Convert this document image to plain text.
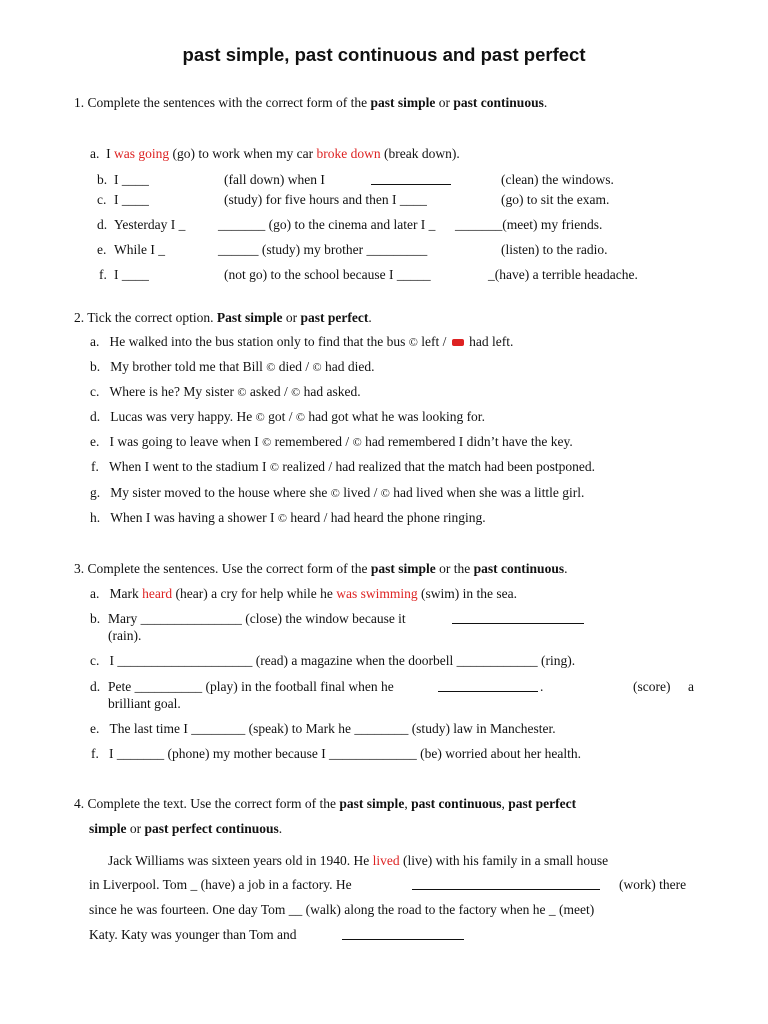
past simple, past continuous and past perfect
1. Complete the sentences with the correct form of the past simple or past continuous.
a. I was going (go) to work when my car broke down (break down).
b. I ____	(fall down) when I	(clean) the windows.
c. I ____	(study) for five hours and then I ____	(go) to sit the exam.
d. Yesterday I _ _______ (go) to the cinema and later I _ _______(meet) my friends.
e. While I _	______ (study) my brother _________	(listen) to the radio.
f. I ____	(not go) to the school because I _____	_(have) a terrible headache.
2. Tick the correct option. Past simple or past perfect.
a. He walked into the bus station only to find that the bus © left /  had left.
b. My brother told me that Bill © died / © had died.
c. Where is he? My sister © asked / © had asked.
d. Lucas was very happy. He © got / © had got what he was looking for.
e. I was going to leave when I © remembered / © had remembered I didn’t have the key.
f. When I went to the stadium I © realized / had realized that the match had been postponed.
g. My sister moved to the house where she © lived / © had lived when she was a little girl.
h. When I was having a shower I © heard / had heard the phone ringing.
3. Complete the sentences. Use the correct form of the past simple or the past continuous.
a. Mark heard (hear) a cry for help while he was swimming (swim) in the sea.
b. Mary _______________ (close) the window because it
(rain).
c. I ____________________ (read) a magazine when the doorbell ____________ (ring).
d. Pete __________ (play) in the football final when he	.	(score) a
brilliant goal.
e. The last time I ________ (speak) to Mark he ________ (study) law in Manchester.
f. I _______ (phone) my mother because I _____________ (be) worried about her health.
4. Complete the text. Use the correct form of the past simple, past continuous, past perfect
simple or past perfect continuous.
Jack Williams was sixteen years old in 1940. He lived (live) with his family in a small house
in Liverpool. Tom _ (have) a job in a factory. He	(work) there
since he was fourteen. One day Tom __ (walk) along the road to the factory when he _ (meet)
Katy. Katy was younger than Tom and
